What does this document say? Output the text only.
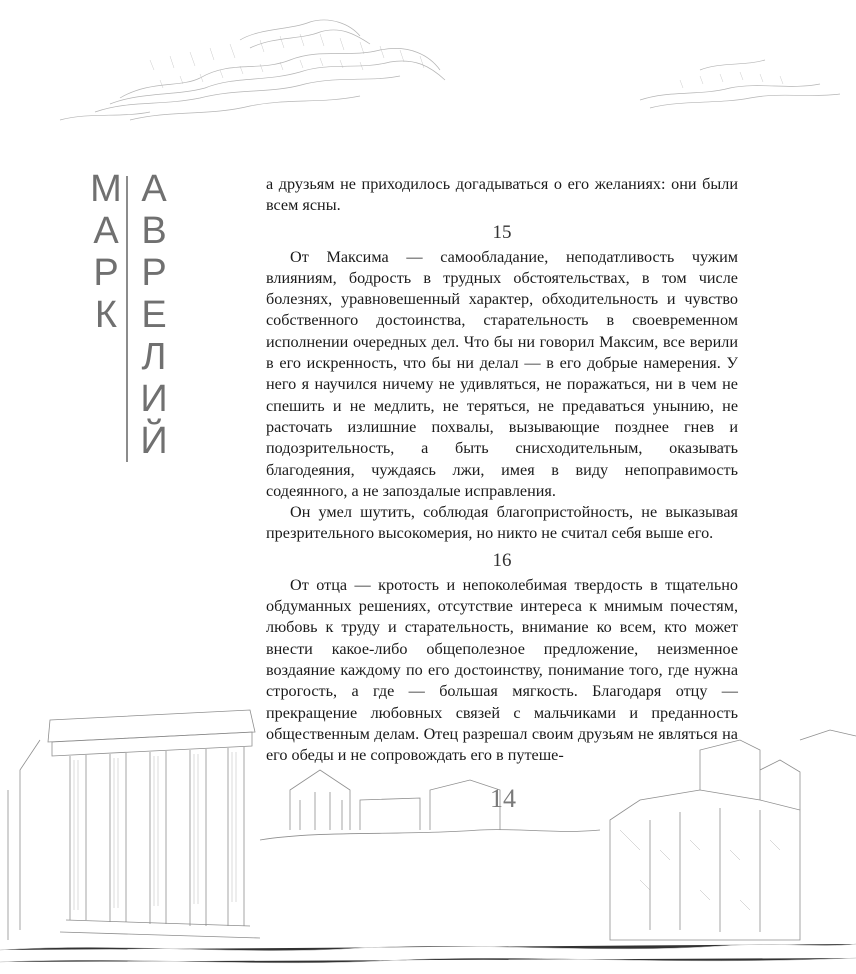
М
А
Р
К
А
В
Р
Е
Л
И
Й

а друзьям не приходилось догадываться о его желаниях: они были всем ясны.

15

От Максима — самообладание, неподатливость чужим влияниям, бодрость в трудных обстоятельствах, в том числе болезнях, уравновешенный характер, обходительность и чувство собственного достоинства, старательность в своевременном исполнении очередных дел. Что бы ни говорил Максим, все верили в его искренность, что бы ни делал — в его добрые намерения. У него я научился ничему не удивляться, не поражаться, ни в чем не спешить и не медлить, не теряться, не предаваться унынию, не расточать излишние похвалы, вызывающие позднее гнев и подозрительность, а быть снисходительным, оказывать благодеяния, чуждаясь лжи, имея в виду непоправимость содеянного, а не запоздалые исправления.

Он умел шутить, соблюдая благопристойность, не выказывая презрительного высокомерия, но никто не считал себя выше его.

16

От отца — кротость и непоколебимая твердость в тщательно обдуманных решениях, отсутствие интереса к мнимым почестям, любовь к труду и старательность, внимание ко всем, кто может внести какое-либо общеполезное предложение, неизменное воздаяние каждому по его достоинству, понимание того, где нужна строгость, а где — большая мягкость. Благодаря отцу — прекращение любовных связей с мальчиками и преданность общественным делам. Отец разрешал своим друзьям не являться на его обеды и не сопровождать его в путеше-

14
